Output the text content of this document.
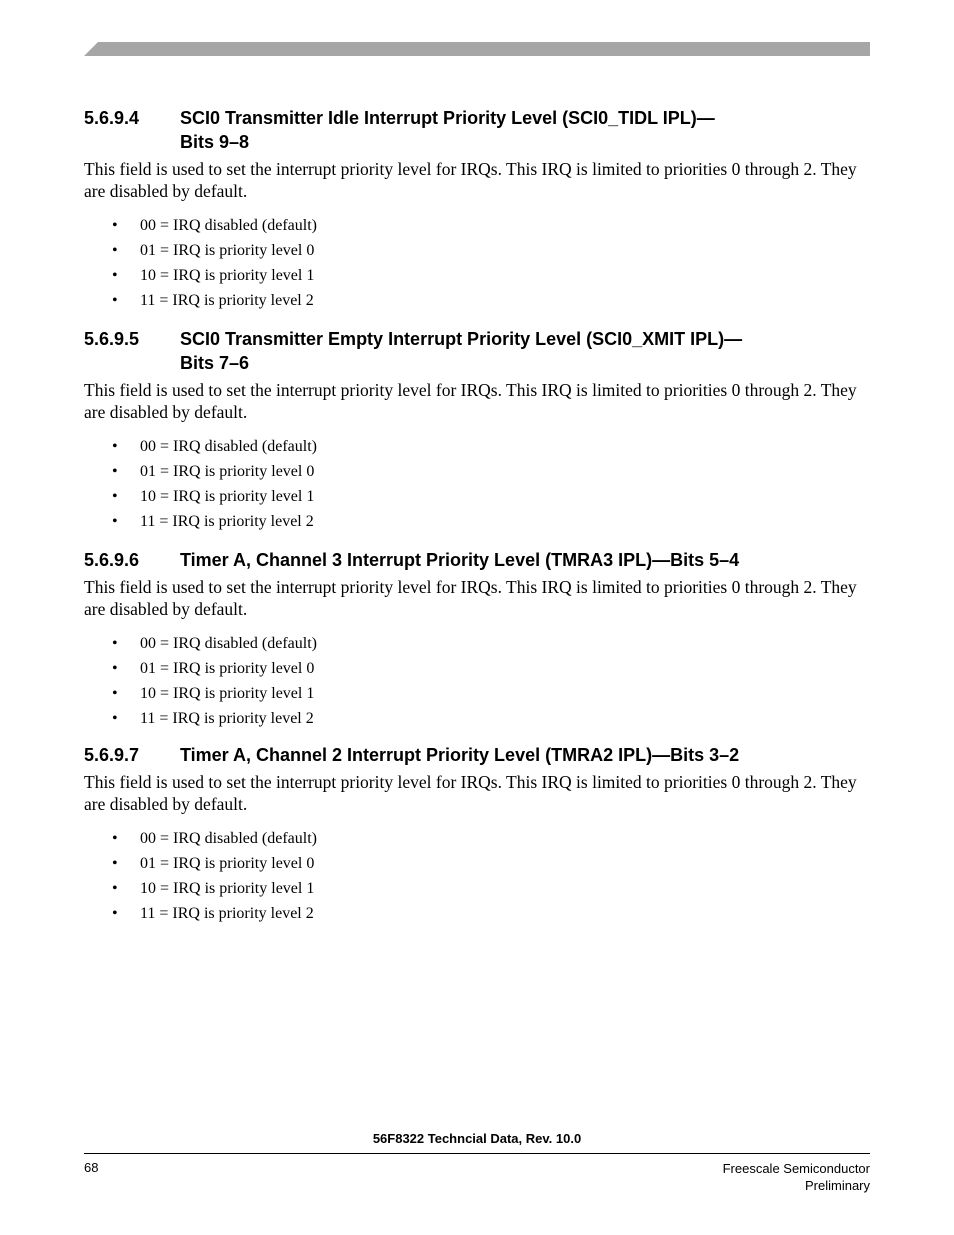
5.6.9.4	SCI0 Transmitter Idle Interrupt Priority Level (SCI0_TIDL IPL)—
Bits 9–8
This field is used to set the interrupt priority level for IRQs. This IRQ is limited to priorities 0 through 2. They are disabled by default.
• 00 = IRQ disabled (default)
• 01 = IRQ is priority level 0
• 10 = IRQ is priority level 1
• 11 = IRQ is priority level 2
5.6.9.5	SCI0 Transmitter Empty Interrupt Priority Level (SCI0_XMIT IPL)—
Bits 7–6
This field is used to set the interrupt priority level for IRQs. This IRQ is limited to priorities 0 through 2. They are disabled by default.
• 00 = IRQ disabled (default)
• 01 = IRQ is priority level 0
• 10 = IRQ is priority level 1
• 11 = IRQ is priority level 2
5.6.9.6	Timer A, Channel 3 Interrupt Priority Level (TMRA3 IPL)—Bits 5–4
This field is used to set the interrupt priority level for IRQs. This IRQ is limited to priorities 0 through 2. They are disabled by default.
• 00 = IRQ disabled (default)
• 01 = IRQ is priority level 0
• 10 = IRQ is priority level 1
• 11 = IRQ is priority level 2
5.6.9.7	Timer A, Channel 2 Interrupt Priority Level (TMRA2 IPL)—Bits 3–2
This field is used to set the interrupt priority level for IRQs. This IRQ is limited to priorities 0 through 2. They are disabled by default.
• 00 = IRQ disabled (default)
• 01 = IRQ is priority level 0
• 10 = IRQ is priority level 1
• 11 = IRQ is priority level 2
56F8322 Techncial Data, Rev. 10.0
68	Freescale Semiconductor
Preliminary
